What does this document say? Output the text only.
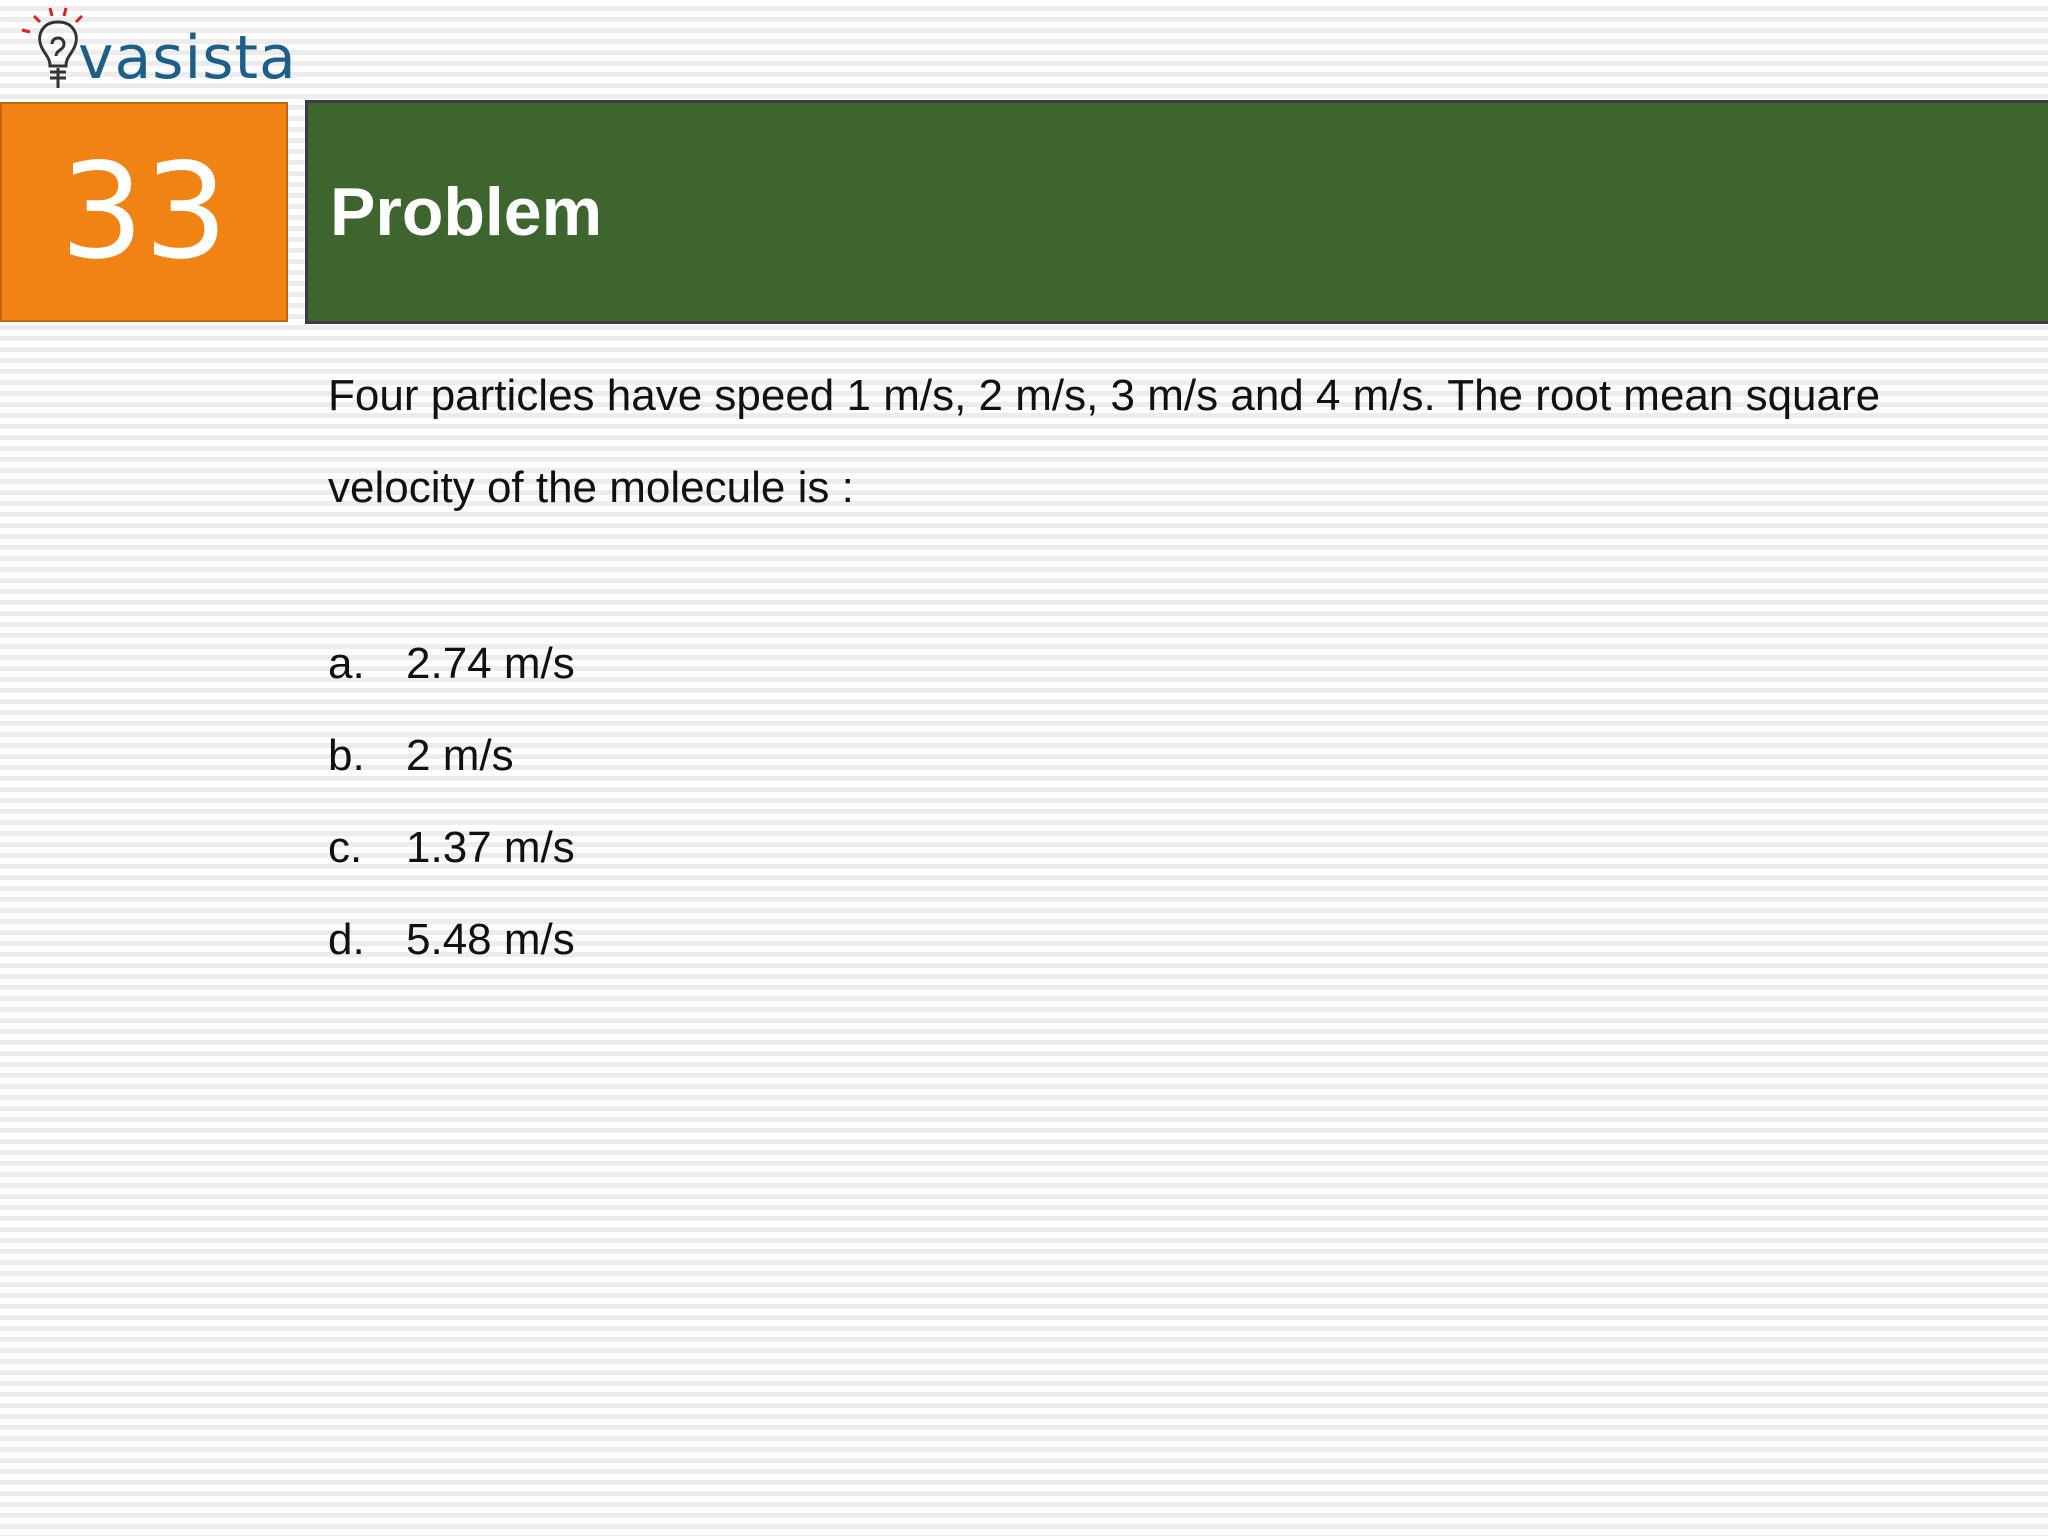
vasista
33 Problem

Four particles have speed 1 m/s, 2 m/s, 3 m/s and 4 m/s. The root mean square velocity of the molecule is :

a. 2.74 m/s
b. 2 m/s
c. 1.37 m/s
d. 5.48 m/s
